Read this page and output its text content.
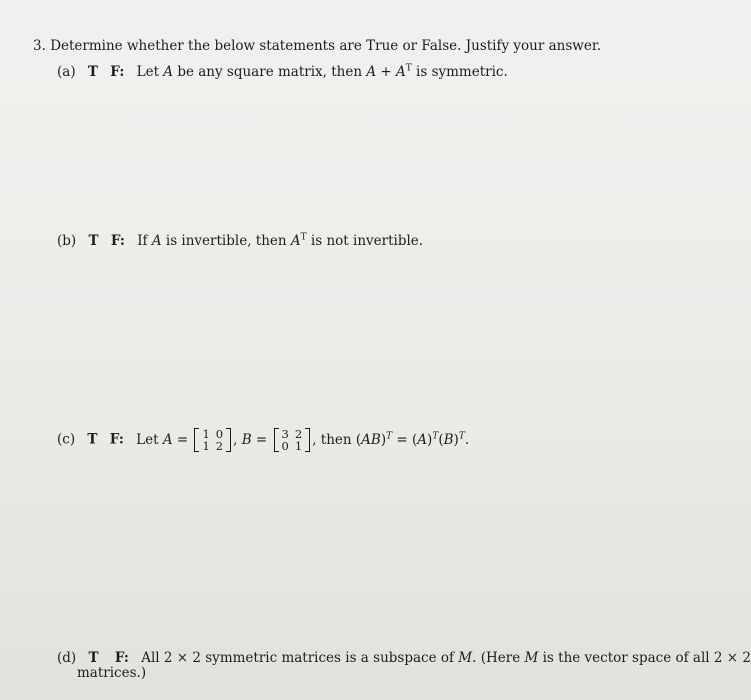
3. Determine whether the below statements are True or False. Justify your answer.
(a) T F: Let A be any square matrix, then $A + A^T$ is symmetric.
(b) T F: If A is invertible, then $A^T$ is not invertible.
(c) T F: Let A = 1	0
1	2 , B = 3	2
0	1 , then $(AB)^T = (A)^T(B)^T$.
(d) T F: All 2 × 2 symmetric matrices is a subspace of M. (Here M is the vector space of all 2 × 2
matrices.)
